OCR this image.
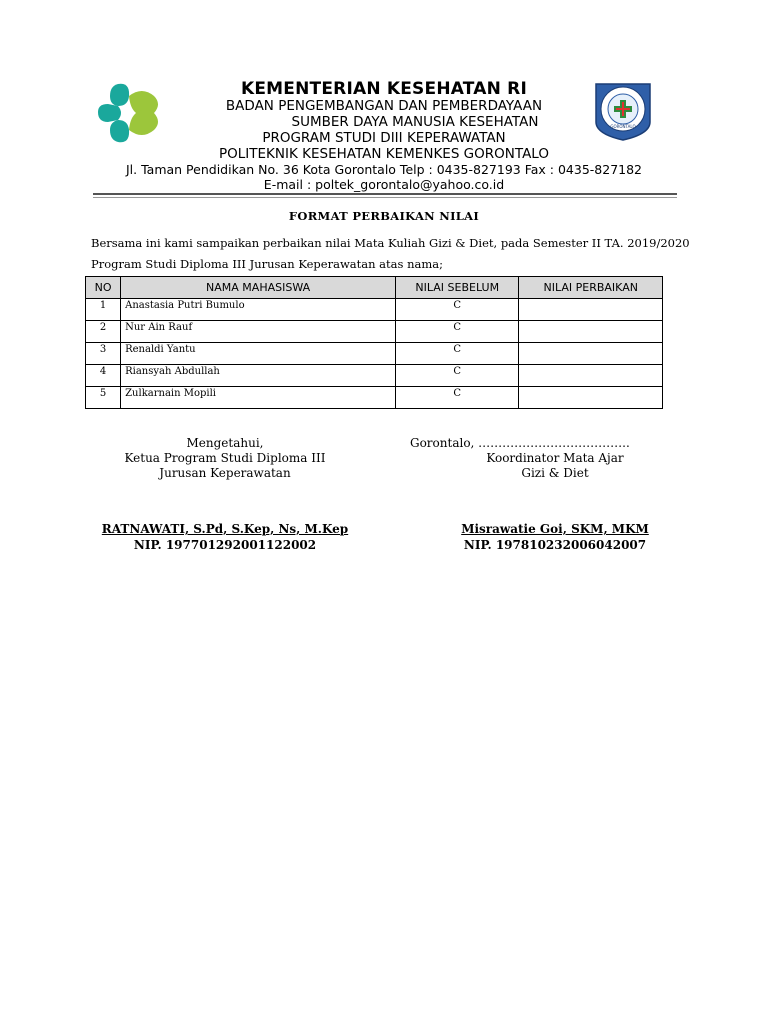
GORONTALO
KEMENTERIAN KESEHATAN RI
BADAN PENGEMBANGAN DAN PEMBERDAYAAN
SUMBER DAYA MANUSIA KESEHATAN
PROGRAM STUDI DIII KEPERAWATAN
POLITEKNIK KESEHATAN KEMENKES GORONTALO
Jl. Taman Pendidikan No. 36 Kota Gorontalo Telp : 0435-827193 Fax : 0435-827182
E-mail : poltek_gorontalo@yahoo.co.id
FORMAT PERBAIKAN NILAI
Bersama ini kami sampaikan perbaikan nilai Mata Kuliah Gizi & Diet, pada Semester II TA. 2019/2020
Program Studi Diploma III Jurusan Keperawatan atas nama;
NO	NAMA MAHASISWA	NILAI SEBELUM	NILAI PERBAIKAN
1	Anastasia Putri Bumulo	C	
2	Nur Ain Rauf	C	
3	Renaldi Yantu	C	
4	Riansyah Abdullah	C	
5	Zulkarnain Mopili	C	
Mengetahui,
Ketua Program Studi Diploma III
Jurusan Keperawatan
RATNAWATI, S.Pd, S.Kep, Ns, M.Kep
NIP. 197701292001122002
Gorontalo, ………………………………..
Koordinator Mata Ajar
Gizi & Diet
Misrawatie Goi, SKM, MKM
NIP. 197810232006042007
